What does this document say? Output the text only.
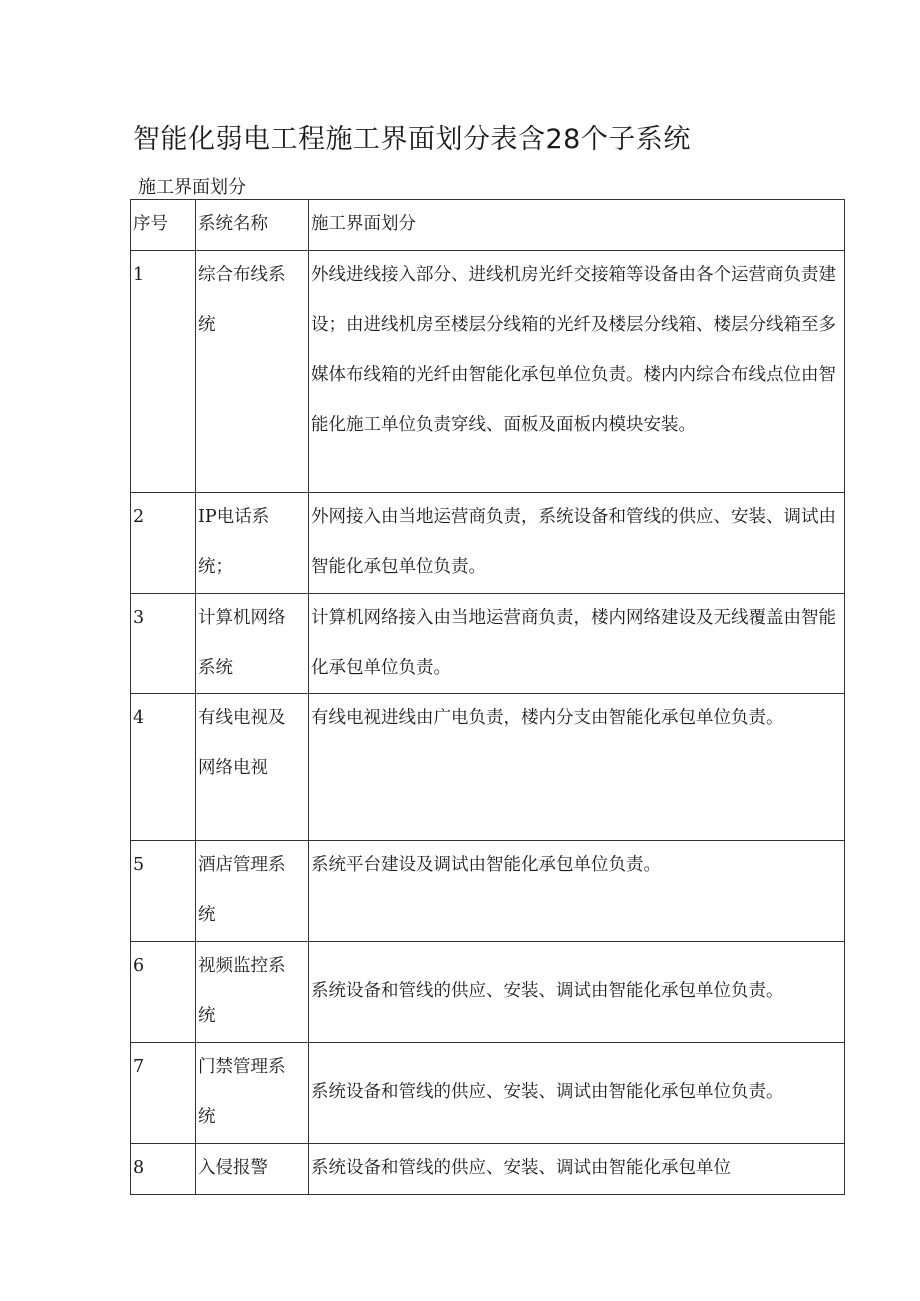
智能化弱电工程施工界面划分表含28个子系统
施工界面划分
序号	系统名称	施工界面划分
1	综合布线系统	外线进线接入部分、进线机房光纤交接箱等设备由各个运营商负责建设；由进线机房至楼层分线箱的光纤及楼层分线箱、楼层分线箱至多媒体布线箱的光纤由智能化承包单位负责。楼内内综合布线点位由智能化施工单位负责穿线、面板及面板内模块安装。
2	IP电话系统；	外网接入由当地运营商负责，系统设备和管线的供应、安装、调试由智能化承包单位负责。
3	计算机网络系统	计算机网络接入由当地运营商负责，楼内网络建设及无线覆盖由智能化承包单位负责。
4	有线电视及网络电视	有线电视进线由广电负责，楼内分支由智能化承包单位负责。
5	酒店管理系统	系统平台建设及调试由智能化承包单位负责。
6	视频监控系统	系统设备和管线的供应、安装、调试由智能化承包单位负责。
7	门禁管理系统	系统设备和管线的供应、安装、调试由智能化承包单位负责。
8	入侵报警	系统设备和管线的供应、安装、调试由智能化承包单位
